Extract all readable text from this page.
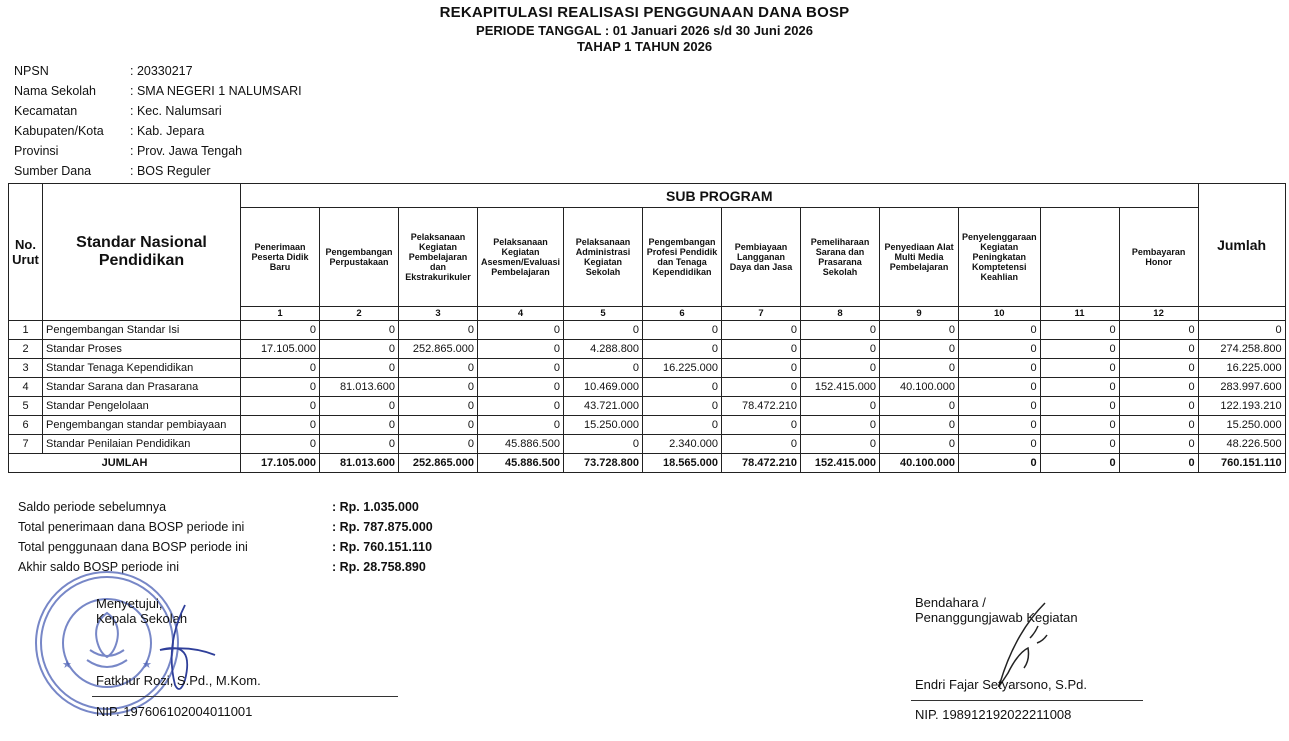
REKAPITULASI REALISASI PENGGUNAAN DANA BOSP
PERIODE TANGGAL : 01 Januari 2026 s/d 30 Juni 2026
TAHAP 1 TAHUN 2026
NPSN	: 20330217
Nama Sekolah	: SMA NEGERI 1 NALUMSARI
Kecamatan	: Kec. Nalumsari
Kabupaten/Kota	: Kab. Jepara
Provinsi	: Prov. Jawa Tengah
Sumber Dana	: BOS Reguler
No. Urut	Standar Nasional Pendidikan	SUB PROGRAM												Jumlah
		Penerimaan Peserta Didik Baru	Pengembangan Perpustakaan	Pelaksanaan Kegiatan Pembelajaran dan Ekstrakurikuler	Pelaksanaan Kegiatan Asesmen/Evaluasi Pembelajaran	Pelaksanaan Administrasi Kegiatan Sekolah	Pengembangan Profesi Pendidik dan Tenaga Kependidikan	Pembiayaan Langganan Daya dan Jasa	Pemeliharaan Sarana dan Prasarana Sekolah	Penyediaan Alat Multi Media Pembelajaran	Penyelenggaraan Kegiatan Peningkatan Komptetensi Keahlian		Pembayaran Honor	
		1	2	3	4	5	6	7	8	9	10	11	12	
1	Pengembangan Standar Isi	0	0	0	0	0	0	0	0	0	0	0	0	0
2	Standar Proses	17.105.000	0	252.865.000	0	4.288.800	0	0	0	0	0	0	0	274.258.800
3	Standar Tenaga Kependidikan	0	0	0	0	0	16.225.000	0	0	0	0	0	0	16.225.000
4	Standar Sarana dan Prasarana	0	81.013.600	0	0	10.469.000	0	0	152.415.000	40.100.000	0	0	0	283.997.600
5	Standar Pengelolaan	0	0	0	0	43.721.000	0	78.472.210	0	0	0	0	0	122.193.210
6	Pengembangan standar pembiayaan	0	0	0	0	15.250.000	0	0	0	0	0	0	0	15.250.000
7	Standar Penilaian Pendidikan	0	0	0	45.886.500	0	2.340.000	0	0	0	0	0	0	48.226.500
JUMLAH		17.105.000	81.013.600	252.865.000	45.886.500	73.728.800	18.565.000	78.472.210	152.415.000	40.100.000	0	0	0	760.151.110
Saldo periode sebelumnya	: Rp. 1.035.000
Total penerimaan dana BOSP periode ini	: Rp. 787.875.000
Total penggunaan dana BOSP periode ini	: Rp. 760.151.110
Akhir saldo BOSP periode ini	: Rp. 28.758.890
★	★
Menyetujui,
Kepala Sekolah
Fatkhur Rozi, S.Pd., M.Kom.
NIP. 197606102004011001
Bendahara /
Penanggungjawab Kegiatan
Endri Fajar Setyarsono, S.Pd.
NIP. 198912192022211008
